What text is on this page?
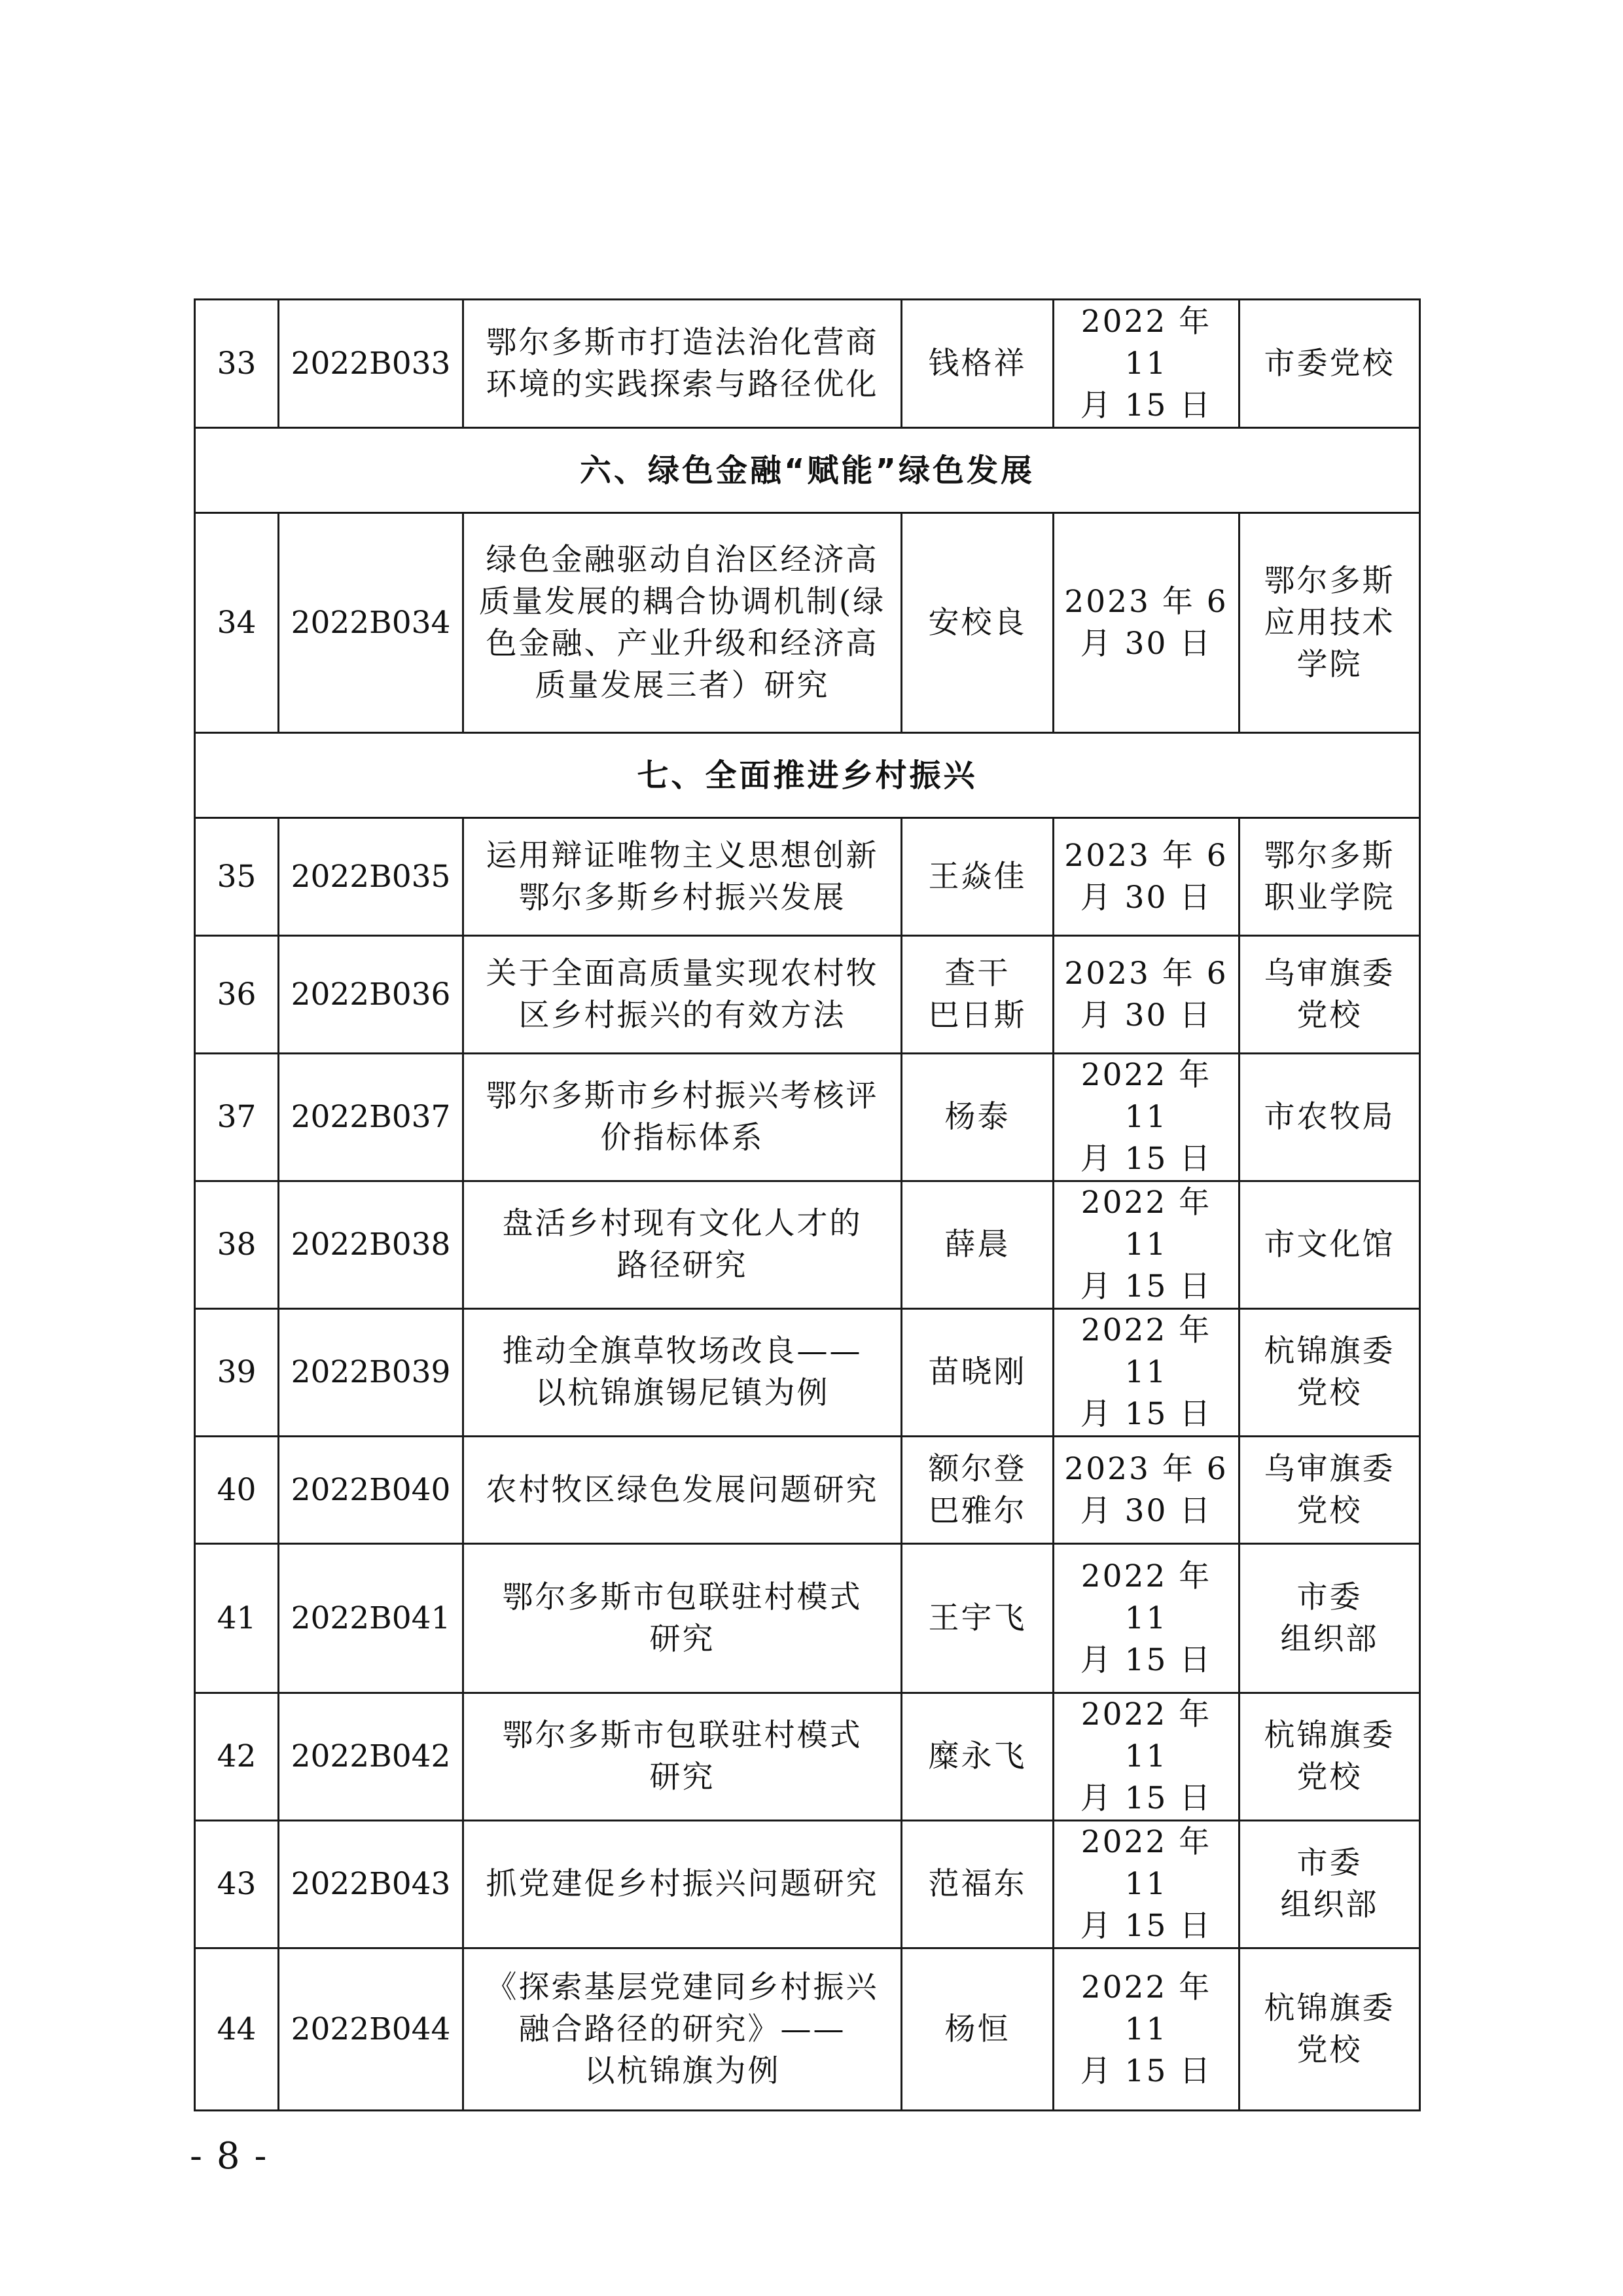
33	2022B033	鄂尔多斯市打造法治化营商
环境的实践探索与路径优化	钱格祥	2022 年 11
月 15 日	市委党校

六、绿色金融“赋能”绿色发展					
34	2022B034	绿色金融驱动自治区经济高
质量发展的耦合协调机制(绿
色金融、产业升级和经济高
质量发展三者）研究	安校良	2023 年 6
月 30 日	鄂尔多斯
应用技术
学院

七、全面推进乡村振兴					
35	2022B035	运用辩证唯物主义思想创新
鄂尔多斯乡村振兴发展	王焱佳	2023 年 6
月 30 日	鄂尔多斯
职业学院

36	2022B036	关于全面高质量实现农村牧
区乡村振兴的有效方法	查干
巴日斯	2023 年 6
月 30 日	乌审旗委
党校

37	2022B037	鄂尔多斯市乡村振兴考核评
价指标体系	杨泰	2022 年 11
月 15 日	市农牧局

38	2022B038	盘活乡村现有文化人才的
路径研究	薛晨	2022 年 11
月 15 日	市文化馆

39	2022B039	推动全旗草牧场改良——
以杭锦旗锡尼镇为例	苗晓刚	2022 年 11
月 15 日	杭锦旗委
党校

40	2022B040	农村牧区绿色发展问题研究	额尔登
巴雅尔	2023 年 6
月 30 日	乌审旗委
党校

41	2022B041	鄂尔多斯市包联驻村模式
研究	王宇飞	2022 年 11
月 15 日	市委
组织部

42	2022B042	鄂尔多斯市包联驻村模式
研究	糜永飞	2022 年 11
月 15 日	杭锦旗委
党校

43	2022B043	抓党建促乡村振兴问题研究	范福东	2022 年 11
月 15 日	市委
组织部

44	2022B044	《探索基层党建同乡村振兴
融合路径的研究》——
以杭锦旗为例	杨恒	2022 年 11
月 15 日	杭锦旗委
党校
-8-
